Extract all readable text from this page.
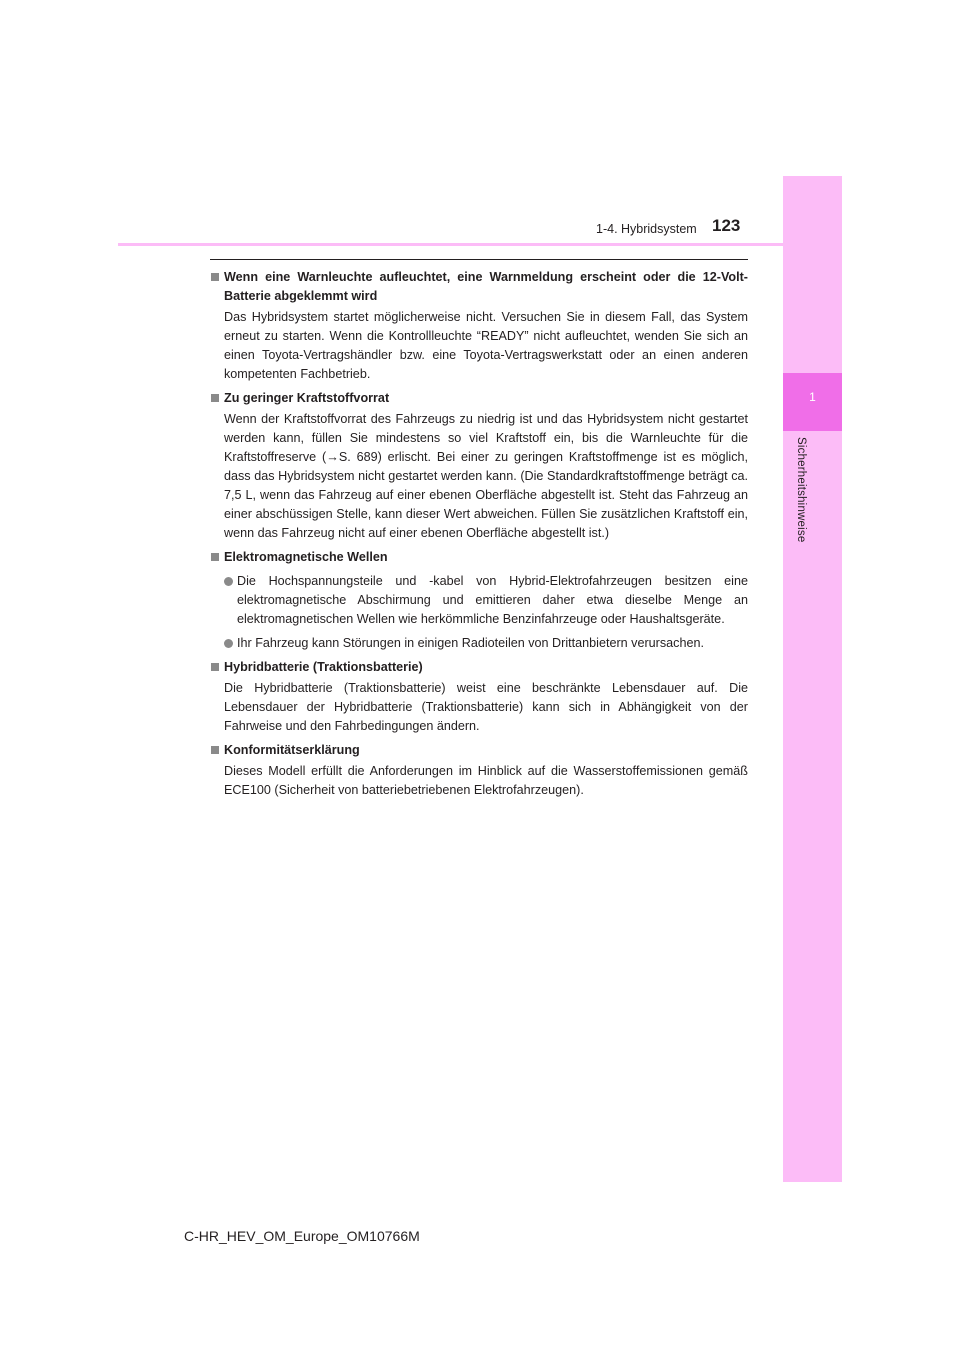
1
Sicherheitshinweise
1-4. Hybridsystem 123
Wenn eine Warnleuchte aufleuchtet, eine Warnmeldung erscheint oder die 12-Volt-Batterie abgeklemmt wird
Das Hybridsystem startet möglicherweise nicht. Versuchen Sie in diesem Fall, das System erneut zu starten. Wenn die Kontrollleuchte “READY” nicht aufleuchtet, wenden Sie sich an einen Toyota-Vertragshändler bzw. eine Toyota-Vertragswerkstatt oder an einen anderen kompetenten Fachbetrieb.
Zu geringer Kraftstoffvorrat
Wenn der Kraftstoffvorrat des Fahrzeugs zu niedrig ist und das Hybridsystem nicht gestartet werden kann, füllen Sie mindestens so viel Kraftstoff ein, bis die Warnleuchte für die Kraftstoffreserve (→S. 689) erlischt. Bei einer zu geringen Kraftstoffmenge ist es möglich, dass das Hybridsystem nicht gestartet werden kann. (Die Standardkraftstoffmenge beträgt ca. 7,5 L, wenn das Fahrzeug auf einer ebenen Oberfläche abgestellt ist. Steht das Fahrzeug an einer abschüssigen Stelle, kann dieser Wert abweichen. Füllen Sie zusätzlichen Kraftstoff ein, wenn das Fahrzeug nicht auf einer ebenen Oberfläche abgestellt ist.)
Elektromagnetische Wellen
Die Hochspannungsteile und -kabel von Hybrid-Elektrofahrzeugen besitzen eine elektromagnetische Abschirmung und emittieren daher etwa dieselbe Menge an elektromagnetischen Wellen wie herkömmliche Benzinfahrzeuge oder Haushaltsgeräte.
Ihr Fahrzeug kann Störungen in einigen Radioteilen von Drittanbietern verursachen.
Hybridbatterie (Traktionsbatterie)
Die Hybridbatterie (Traktionsbatterie) weist eine beschränkte Lebensdauer auf. Die Lebensdauer der Hybridbatterie (Traktionsbatterie) kann sich in Abhängigkeit von der Fahrweise und den Fahrbedingungen ändern.
Konformitätserklärung
Dieses Modell erfüllt die Anforderungen im Hinblick auf die Wasserstoffemissionen gemäß ECE100 (Sicherheit von batteriebetriebenen Elektrofahrzeugen).
C-HR_HEV_OM_Europe_OM10766M
